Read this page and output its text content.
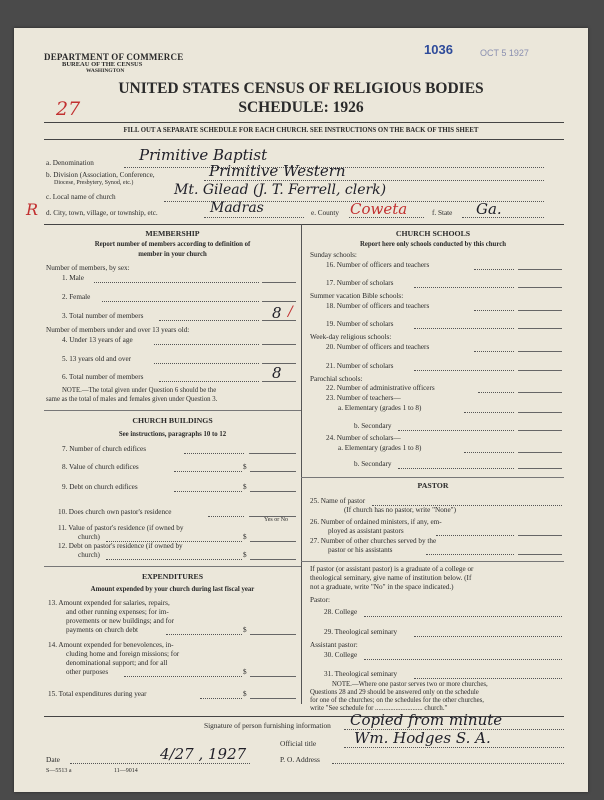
DEPARTMENT OF COMMERCE
BUREAU OF THE CENSUS
WASHINGTON
1036	OCT 5 1927
27
UNITED STATES CENSUS OF RELIGIOUS BODIES
SCHEDULE: 1926
FILL OUT A SEPARATE SCHEDULE FOR EACH CHURCH. SEE INSTRUCTIONS ON THE BACK OF THIS SHEET
a. Denomination	Primitive Baptist
b. Division (Association, Conference,
Diocese, Presbytery, Synod, etc.)
Primitive Western
c. Local name of church	Mt. Gilead (J. T. Ferrell, clerk)
R d. City, town, village, or township, etc.	Madras	e. County Coweta	f. State Ga.
MEMBERSHIP
Report number of members according to definition of
member in your church
Number of members, by sex:
1. Male
2. Female
3. Total number of members	8 /
Number of members under and over 13 years old:
4. Under 13 years of age
5. 13 years old and over
6. Total number of members	8
NOTE.—The total given under Question 6 should be the
same as the total of males and females given under Question 3.
CHURCH BUILDINGS
See instructions, paragraphs 10 to 12
7. Number of church edifices
8. Value of church edifices	$
9. Debt on church edifices	$
10. Does church own pastor's residence
Yes or No
11. Value of pastor's residence (if owned by
church)	$
12. Debt on pastor's residence (if owned by
church)	$
EXPENDITURES
Amount expended by your church during last fiscal year
13. Amount expended for salaries, repairs,
and other running expenses; for im-
provements or new buildings; and for
payments on church debt	$
14. Amount expended for benevolences, in-
cluding home and foreign missions; for
denominational support; and for all
other purposes	$
15. Total expenditures during year	$
CHURCH SCHOOLS
Report here only schools conducted by this church
Sunday schools:
16. Number of officers and teachers
17. Number of scholars
Summer vacation Bible schools:
18. Number of officers and teachers
19. Number of scholars
Week-day religious schools:
20. Number of officers and teachers
21. Number of scholars
Parochial schools:
22. Number of administrative officers
23. Number of teachers—
a. Elementary (grades 1 to 8)
b. Secondary
24. Number of scholars—
a. Elementary (grades 1 to 8)
b. Secondary
PASTOR
25. Name of pastor
(If church has no pastor, write "None")
26. Number of ordained ministers, if any, em-
ployed as assistant pastors
27. Number of other churches served by the
pastor or his assistants
If pastor (or assistant pastor) is a graduate of a college or
theological seminary, give name of institution below. (If
not a graduate, write "No" in the space indicated.)
Pastor:
28. College
29. Theological seminary
Assistant pastor:
30. College
31. Theological seminary
NOTE.—Where one pastor serves two or more churches,
Questions 28 and 29 should be answered only on the schedule
for one of the churches; on the schedules for the other churches,
write "See schedule for ............................ church."
Signature of person furnishing information Copied from minute
Official title	Wm. Hodges S. A.
Date	4/27 , 1927	P. O. Address
S—5513 a	11—9014
